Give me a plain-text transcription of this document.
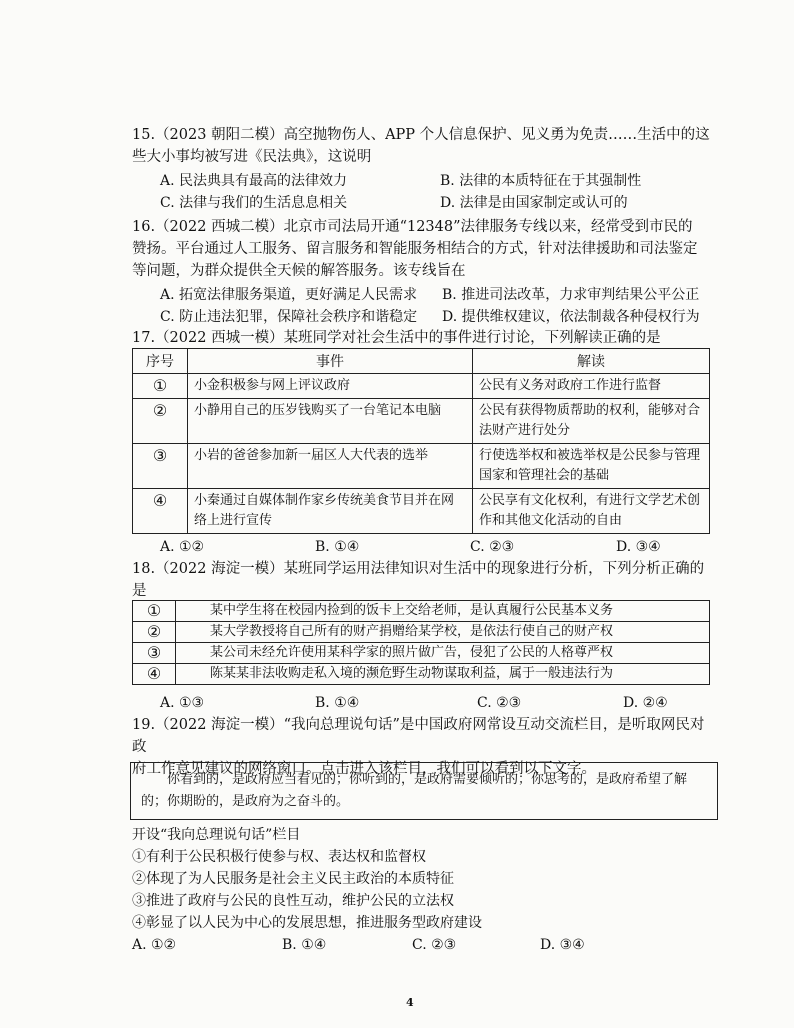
15.（2023 朝阳二模）高空抛物伤人、APP 个人信息保护、见义勇为免责……生活中的这
些大小事均被写进《民法典》，这说明
A. 民法典具有最高的法律效力	B. 法律的本质特征在于其强制性
C. 法律与我们的生活息息相关	D. 法律是由国家制定或认可的
16.（2022 西城二模）北京市司法局开通“12348”法律服务专线以来，经常受到市民的
赞扬。平台通过人工服务、留言服务和智能服务相结合的方式，针对法律援助和司法鉴定
等问题，为群众提供全天候的解答服务。该专线旨在
A. 拓宽法律服务渠道，更好满足人民需求 B. 推进司法改革，力求审判结果公平公正
C. 防止违法犯罪，保障社会秩序和谐稳定 D. 提供维权建议，依法制裁各种侵权行为
17.（2022 西城一模）某班同学对社会生活中的事件进行讨论，下列解读正确的是
序号	事件	解读
①	小金积极参与网上评议政府	公民有义务对政府工作进行监督
②	小静用自己的压岁钱购买了一台笔记本电脑	公民有获得物质帮助的权利，能够对合法财产进行处分
③	小岩的爸爸参加新一届区人大代表的选举	行使选举权和被选举权是公民参与管理国家和管理社会的基础
④	小秦通过自媒体制作家乡传统美食节目并在网络上进行宣传	公民享有文化权利，有进行文学艺术创作和其他文化活动的自由
A. ①②	B. ①④	C. ②③	D. ③④
18.（2022 海淀一模）某班同学运用法律知识对生活中的现象进行分析，下列分析正确的
是
①	某中学生将在校园内捡到的饭卡上交给老师，是认真履行公民基本义务
②	某大学教授将自己所有的财产捐赠给某学校，是依法行使自己的财产权
③	某公司未经允许使用某科学家的照片做广告，侵犯了公民的人格尊严权
④	陈某某非法收购走私入境的濒危野生动物谋取利益，属于一般违法行为
A. ①③	B. ①④	C. ②③	D. ②④
19.（2022 海淀一模）“我向总理说句话”是中国政府网常设互动交流栏目，是听取网民对政
府工作意见建议的网络窗口。点击进入该栏目，我们可以看到以下文字。
你看到的，是政府应当看见的；你听到的，是政府需要倾听的；你思考的，是政府希望了解的；你期盼的，是政府为之奋斗的。
开设“我向总理说句话”栏目
①有利于公民积极行使参与权、表达权和监督权
②体现了为人民服务是社会主义民主政治的本质特征
③推进了政府与公民的良性互动，维护公民的立法权
④彰显了以人民为中心的发展思想，推进服务型政府建设
A. ①②	B. ①④	C. ②③	D. ③④
4
